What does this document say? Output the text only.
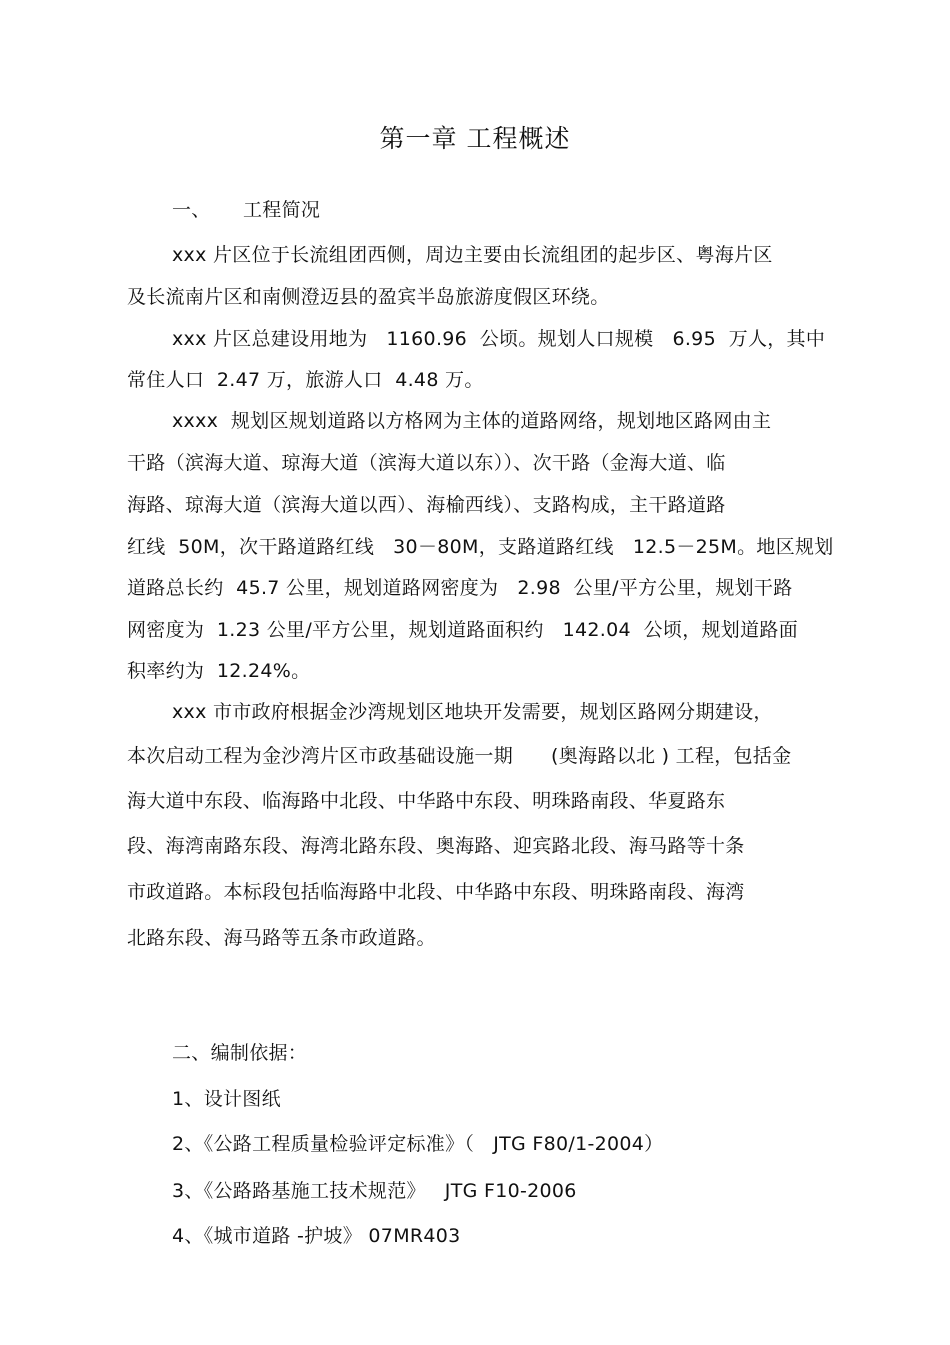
第一章 工程概述
一、 工程简况
xxx 片区位于长流组团西侧，周边主要由长流组团的起步区、粤海片区
及长流南片区和南侧澄迈县的盈宾半岛旅游度假区环绕。
xxx 片区总建设用地为   1160.96  公顷。规划人口规模   6.95  万人，其中
常住人口  2.47 万，旅游人口  4.48 万。
xxxx  规划区规划道路以方格网为主体的道路网络，规划地区路网由主
干路（滨海大道、琼海大道（滨海大道以东））、次干路（金海大道、临
海路、琼海大道（滨海大道以西）、海榆西线）、支路构成，主干路道路
红线  50M，次干路道路红线   30－80M，支路道路红线   12.5－25M。地区规划
道路总长约  45.7 公里，规划道路网密度为   2.98  公里/平方公里，规划干路
网密度为  1.23 公里/平方公里，规划道路面积约   142.04  公顷，规划道路面
积率约为  12.24%。
xxx 市市政府根据金沙湾规划区地块开发需要，规划区路网分期建设，
本次启动工程为金沙湾片区市政基础设施一期      (奥海路以北 ) 工程，包括金
海大道中东段、临海路中北段、中华路中东段、明珠路南段、华夏路东
段、海湾南路东段、海湾北路东段、奥海路、迎宾路北段、海马路等十条
市政道路。本标段包括临海路中北段、中华路中东段、明珠路南段、海湾
北路东段、海马路等五条市政道路。
二、编制依据：
1、设计图纸
2、《公路工程质量检验评定标准》（   JTG F80/1-2004）
3、《公路路基施工技术规范》   JTG F10-2006
4、《城市道路 -护坡》 07MR403
